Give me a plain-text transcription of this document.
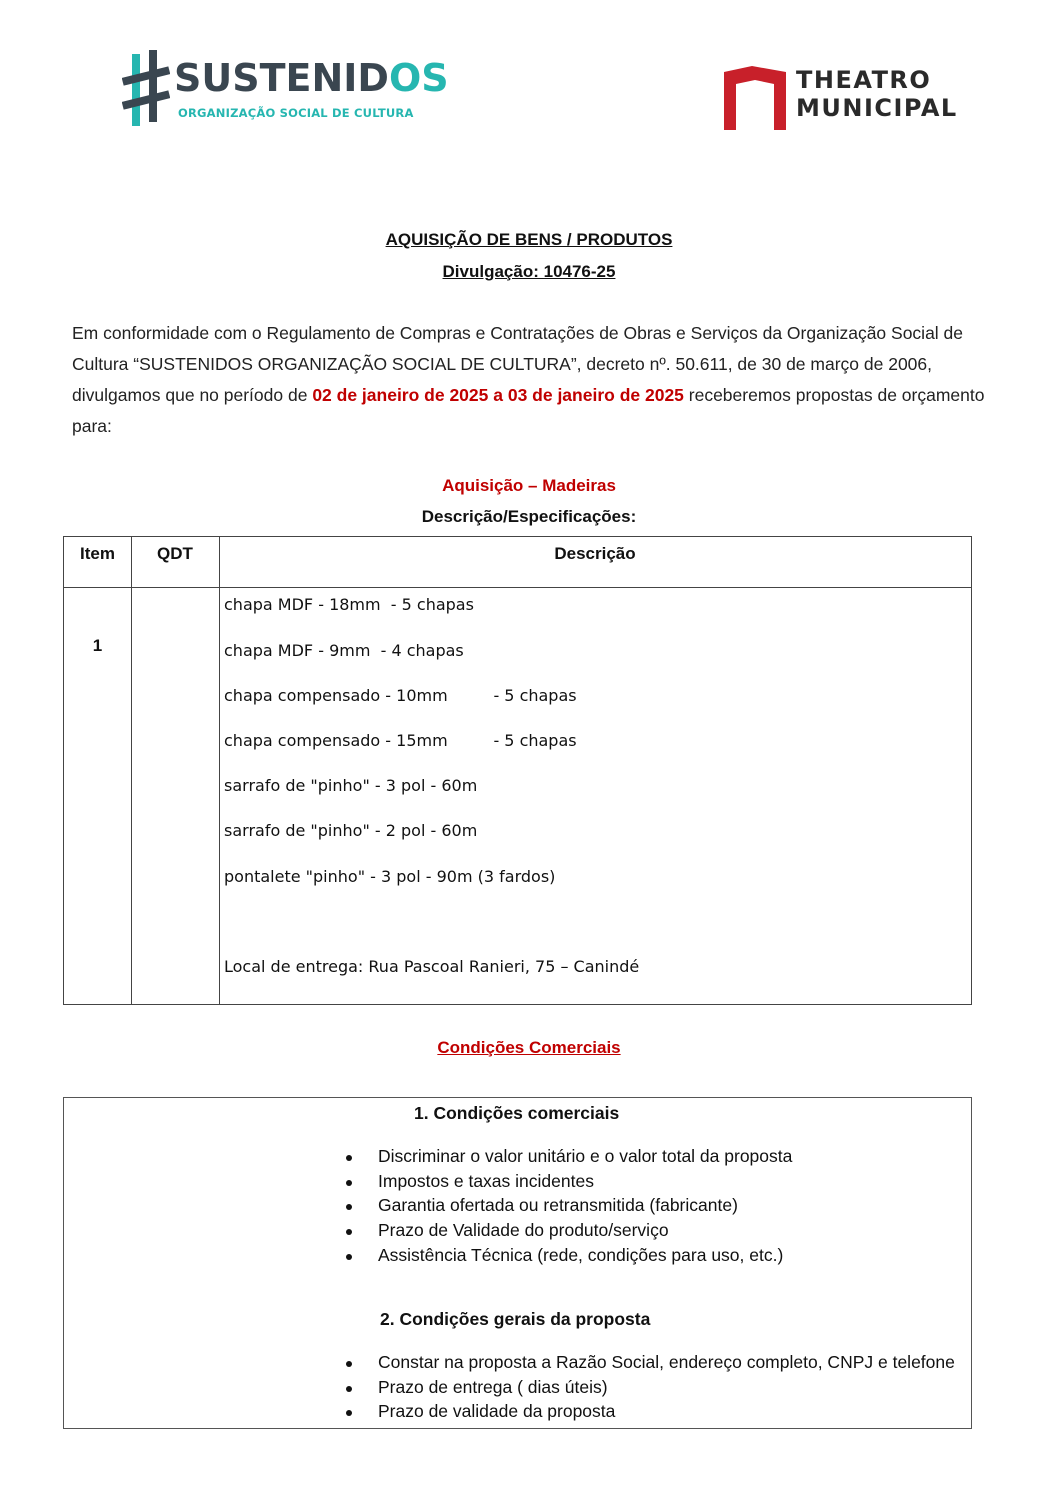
SUSTENIDOS
ORGANIZAÇÃO SOCIAL DE CULTURA
THEATRO
MUNICIPAL
AQUISIÇÃO DE BENS / PRODUTOS
Divulgação: 10476-25
Em conformidade com o Regulamento de Compras e Contratações de Obras e Serviços da Organização Social de Cultura “SUSTENIDOS ORGANIZAÇÃO SOCIAL DE CULTURA”, decreto nº. 50.611, de 30 de março de 2006, divulgamos que no período de 02 de janeiro de 2025 a 03 de janeiro de 2025 receberemos propostas de orçamento para:
Aquisição – Madeiras
Descrição/Especificações:
Item	QDT	Descrição
1
chapa MDF - 18mm  - 5 chapas
chapa MDF - 9mm  - 4 chapas
chapa compensado - 10mm         - 5 chapas
chapa compensado - 15mm         - 5 chapas
sarrafo de "pinho" - 3 pol - 60m
sarrafo de "pinho" - 2 pol - 60m
pontalete "pinho" - 3 pol - 90m (3 fardos)
Local de entrega: Rua Pascoal Ranieri, 75 – Canindé
Condições Comerciais
1. Condições comerciais
Discriminar o valor unitário e o valor total da proposta
Impostos e taxas incidentes
Garantia ofertada ou retransmitida (fabricante)
Prazo de Validade do produto/serviço
Assistência Técnica (rede, condições para uso, etc.)
2. Condições gerais da proposta
Constar na proposta a Razão Social, endereço completo, CNPJ e telefone
Prazo de entrega ( dias úteis)
Prazo de validade da proposta
